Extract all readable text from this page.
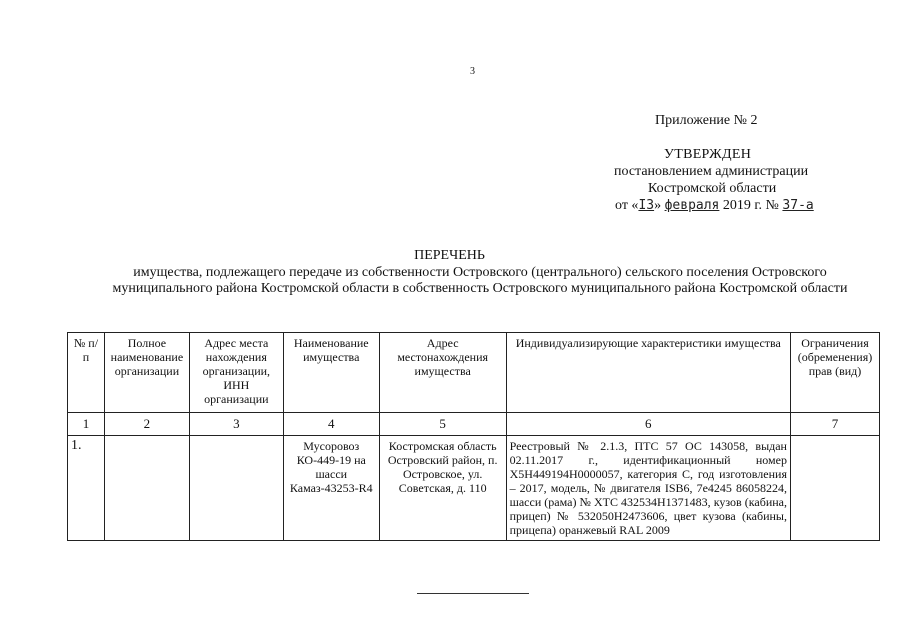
3
Приложение № 2
УТВЕРЖДЕН
постановлением администрации
Костромской области
от «I3» февраля 2019 г. № 37-а
ПЕРЕЧЕНЬ
имущества, подлежащего передаче из собственности Островского (центрального) сельского поселения Островского муниципального района Костромской области в собственность Островского муниципального района Костромской области
№ п/п	Полное наименование организации	Адрес места нахождения организации, ИНН организации	Наименование имущества	Адрес местонахождения имущества	Индивидуализирующие характеристики имущества	Ограничения (обременения) прав (вид)
1	2	3	4	5	6	7
1.			Мусоровоз КО-449-19 на шасси Камаз-43253-R4	Костромская область Островский район, п. Островское, ул. Советская, д. 110	Реестровый № 2.1.3, ПТС 57 ОС 143058, выдан 02.11.2017 г., идентификационный номер X5H449194H0000057, категория С, год изготовления – 2017, модель, № двигателя ISB6, 7e4245 86058224, шасси (рама) № XTC 432534H1371483, кузов (кабина, прицеп) № 532050H2473606, цвет кузова (кабины, прицепа) оранжевый RAL 2009	
